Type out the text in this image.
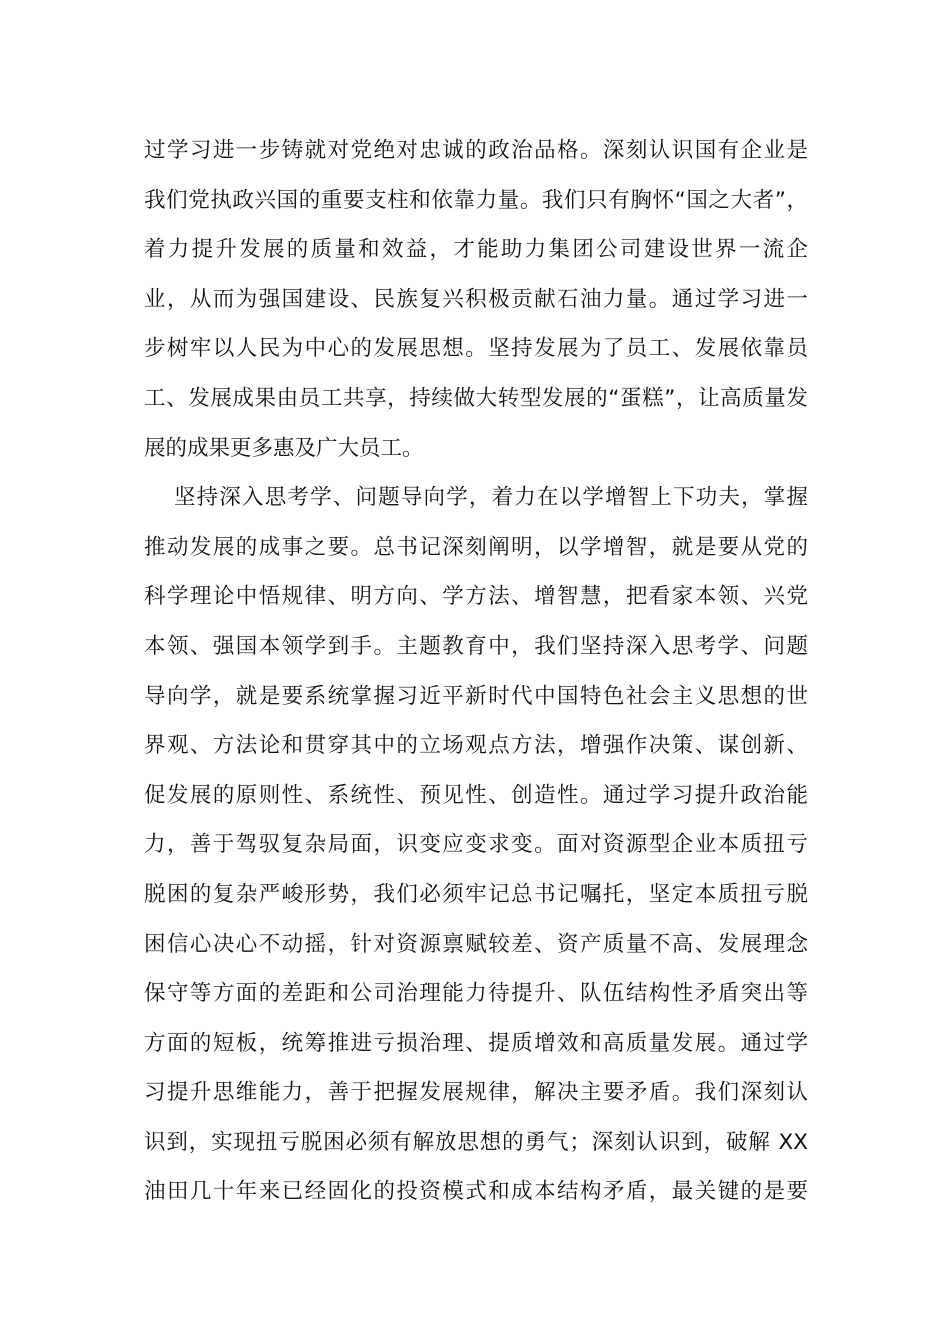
过学习进一步铸就对党绝对忠诚的政治品格。深刻认识国有企业是
我们党执政兴国的重要支柱和依靠力量。我们只有胸怀“国之大者”，
着力提升发展的质量和效益，才能助力集团公司建设世界一流企
业，从而为强国建设、民族复兴积极贡献石油力量。通过学习进一
步树牢以人民为中心的发展思想。坚持发展为了员工、发展依靠员
工、发展成果由员工共享，持续做大转型发展的“蛋糕”，让高质量发
展的成果更多惠及广大员工。
坚持深入思考学、问题导向学，着力在以学增智上下功夫，掌握
推动发展的成事之要。总书记深刻阐明，以学增智，就是要从党的
科学理论中悟规律、明方向、学方法、增智慧，把看家本领、兴党
本领、强国本领学到手。主题教育中，我们坚持深入思考学、问题
导向学，就是要系统掌握习近平新时代中国特色社会主义思想的世
界观、方法论和贯穿其中的立场观点方法，增强作决策、谋创新、
促发展的原则性、系统性、预见性、创造性。通过学习提升政治能
力，善于驾驭复杂局面，识变应变求变。面对资源型企业本质扭亏
脱困的复杂严峻形势，我们必须牢记总书记嘱托，坚定本质扭亏脱
困信心决心不动摇，针对资源禀赋较差、资产质量不高、发展理念
保守等方面的差距和公司治理能力待提升、队伍结构性矛盾突出等
方面的短板，统筹推进亏损治理、提质增效和高质量发展。通过学
习提升思维能力，善于把握发展规律，解决主要矛盾。我们深刻认
识到，实现扭亏脱困必须有解放思想的勇气；深刻认识到，破解 XX
油田几十年来已经固化的投资模式和成本结构矛盾，最关键的是要
